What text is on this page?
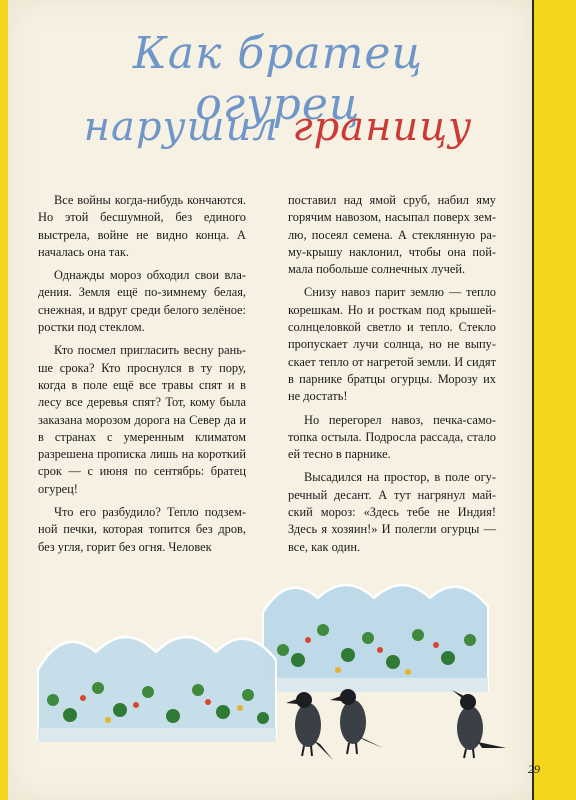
Как братец огурец
нарушил границу

Все войны когда-нибудь кончаются. Но этой бесшумной, без единого выстрела, войне не видно конца. А началась она так.

Однажды мороз обходил свои владения. Земля ещё по-зимнему белая, снежная, и вдруг среди белого зелёное: ростки под стеклом.

Кто посмел пригласить весну раньше срока? Кто проснулся в ту пору, когда в поле ещё все травы спят и в лесу все деревья спят? Тот, кому была заказана морозом дорога на Север да и в странах с умеренным климатом разрешена прописка лишь на короткий срок — с июня по сентябрь: братец огурец!

Что его разбудило? Тепло подземной печки, которая топится без дров, без угля, горит без огня. Человек

поставил над ямой сруб, набил яму горячим навозом, насыпал поверх землю, посеял семена. А стеклянную раму-крышу наклонил, чтобы она поймала побольше солнечных лучей.

Снизу навоз парит землю — тепло корешкам. Но и росткам под крышей-солнцеловкой светло и тепло. Стекло пропускает лучи солнца, но не выпускает тепло от нагретой земли. И сидят в парнике братцы огурцы. Морозу их не достать!

Но перегорел навоз, печка-самотопка остыла. Подросла рассада, стало ей тесно в парнике.

Высадился на простор, в поле огуречный десант. А тут нагрянул майский мороз: «Здесь тебе не Индия! Здесь я хозяин!» И полегли огурцы — все, как один.

29
